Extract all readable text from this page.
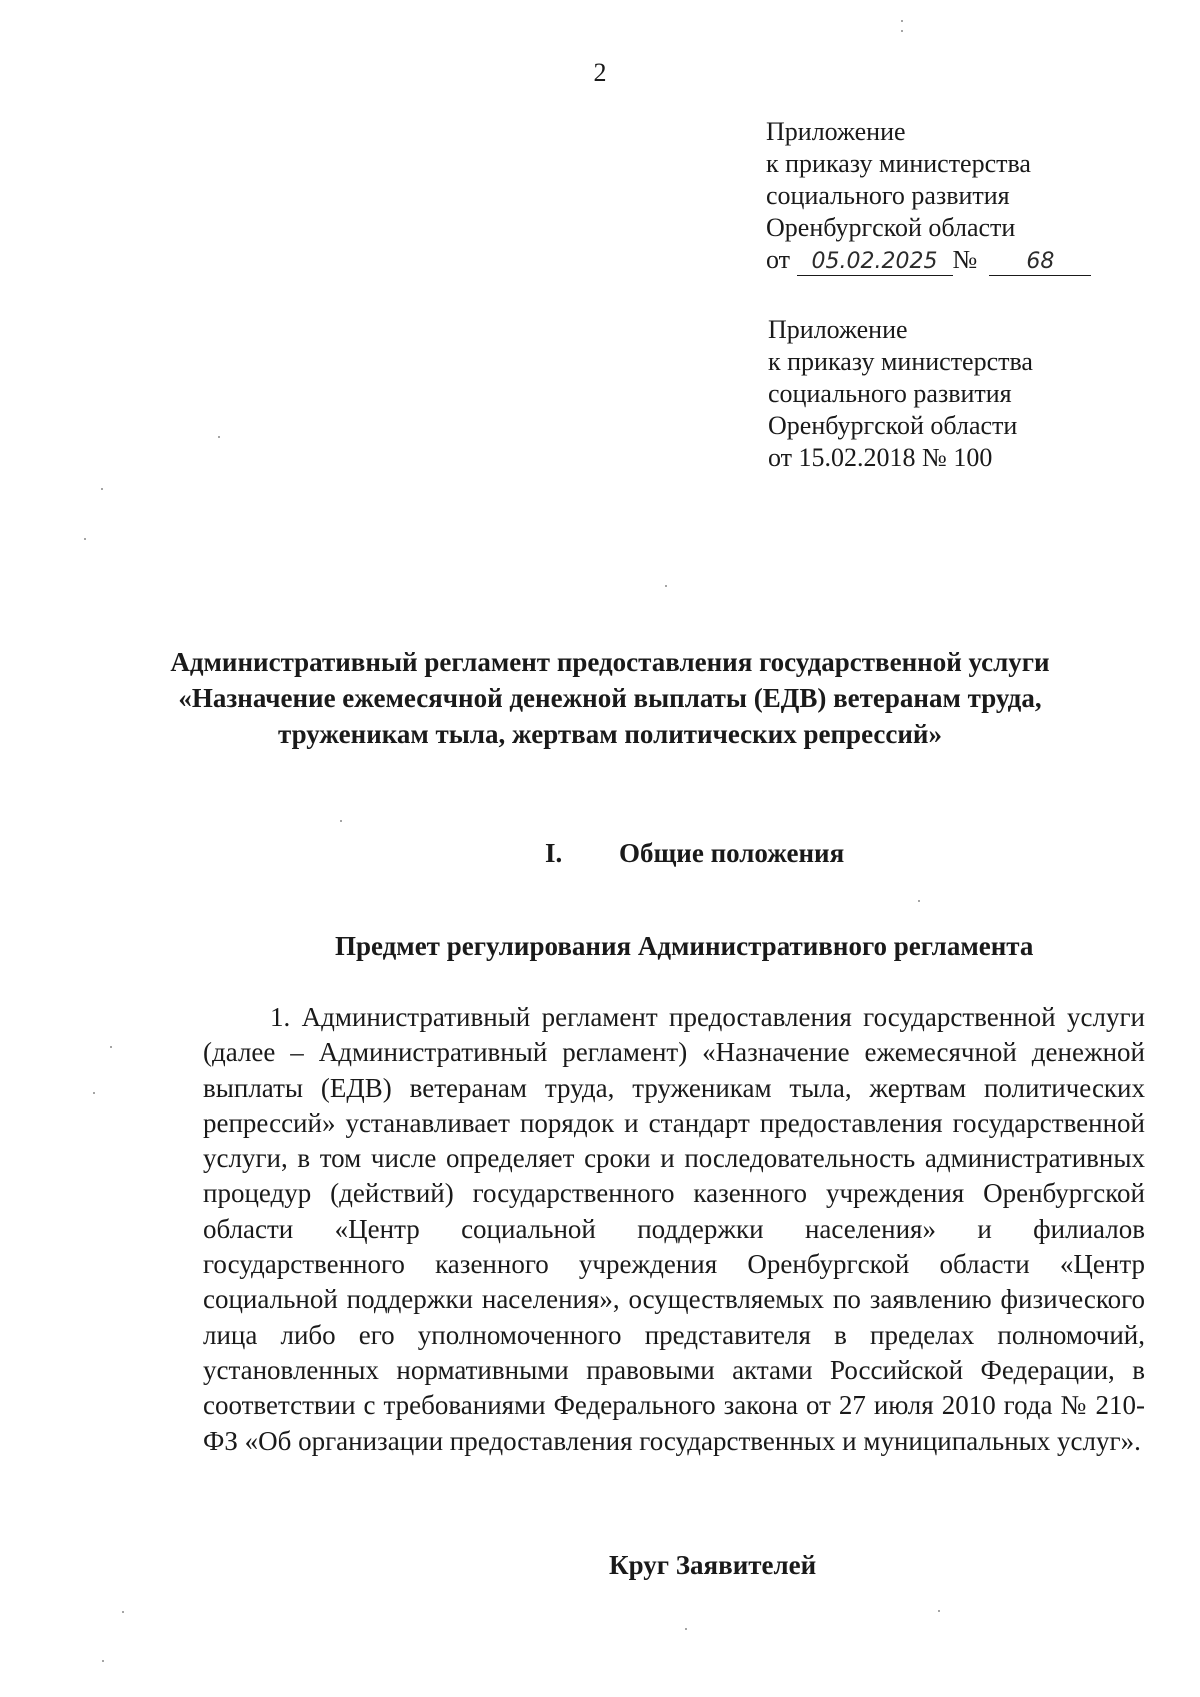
2
Приложение
к приказу министерства
социального развития
Оренбургской области
от 05.02.2025 № 68
Приложение
к приказу министерства
социального развития
Оренбургской области
от 15.02.2018 № 100
Административный регламент предоставления государственной услуги
«Назначение ежемесячной денежной выплаты (ЕДВ) ветеранам труда,
труженикам тыла, жертвам политических репрессий»
I. Общие положения
Предмет регулирования Административного регламента
1. Административный регламент предоставления государственной услуги (далее – Административный регламент) «Назначение ежемесячной денежной выплаты (ЕДВ) ветеранам труда, труженикам тыла, жертвам политических репрессий» устанавливает порядок и стандарт предоставления государственной услуги, в том числе определяет сроки и последовательность административных процедур (действий) государственного казенного учреждения Оренбургской области «Центр социальной поддержки населения» и филиалов государственного казенного учреждения Оренбургской области «Центр социальной поддержки населения», осуществляемых по заявлению физического лица либо его уполномоченного представителя в пределах полномочий, установленных нормативными правовыми актами Российской Федерации, в соответствии с требованиями Федерального закона от 27 июля 2010 года № 210-ФЗ «Об организации предоставления государственных и муниципальных услуг».
Круг Заявителей
